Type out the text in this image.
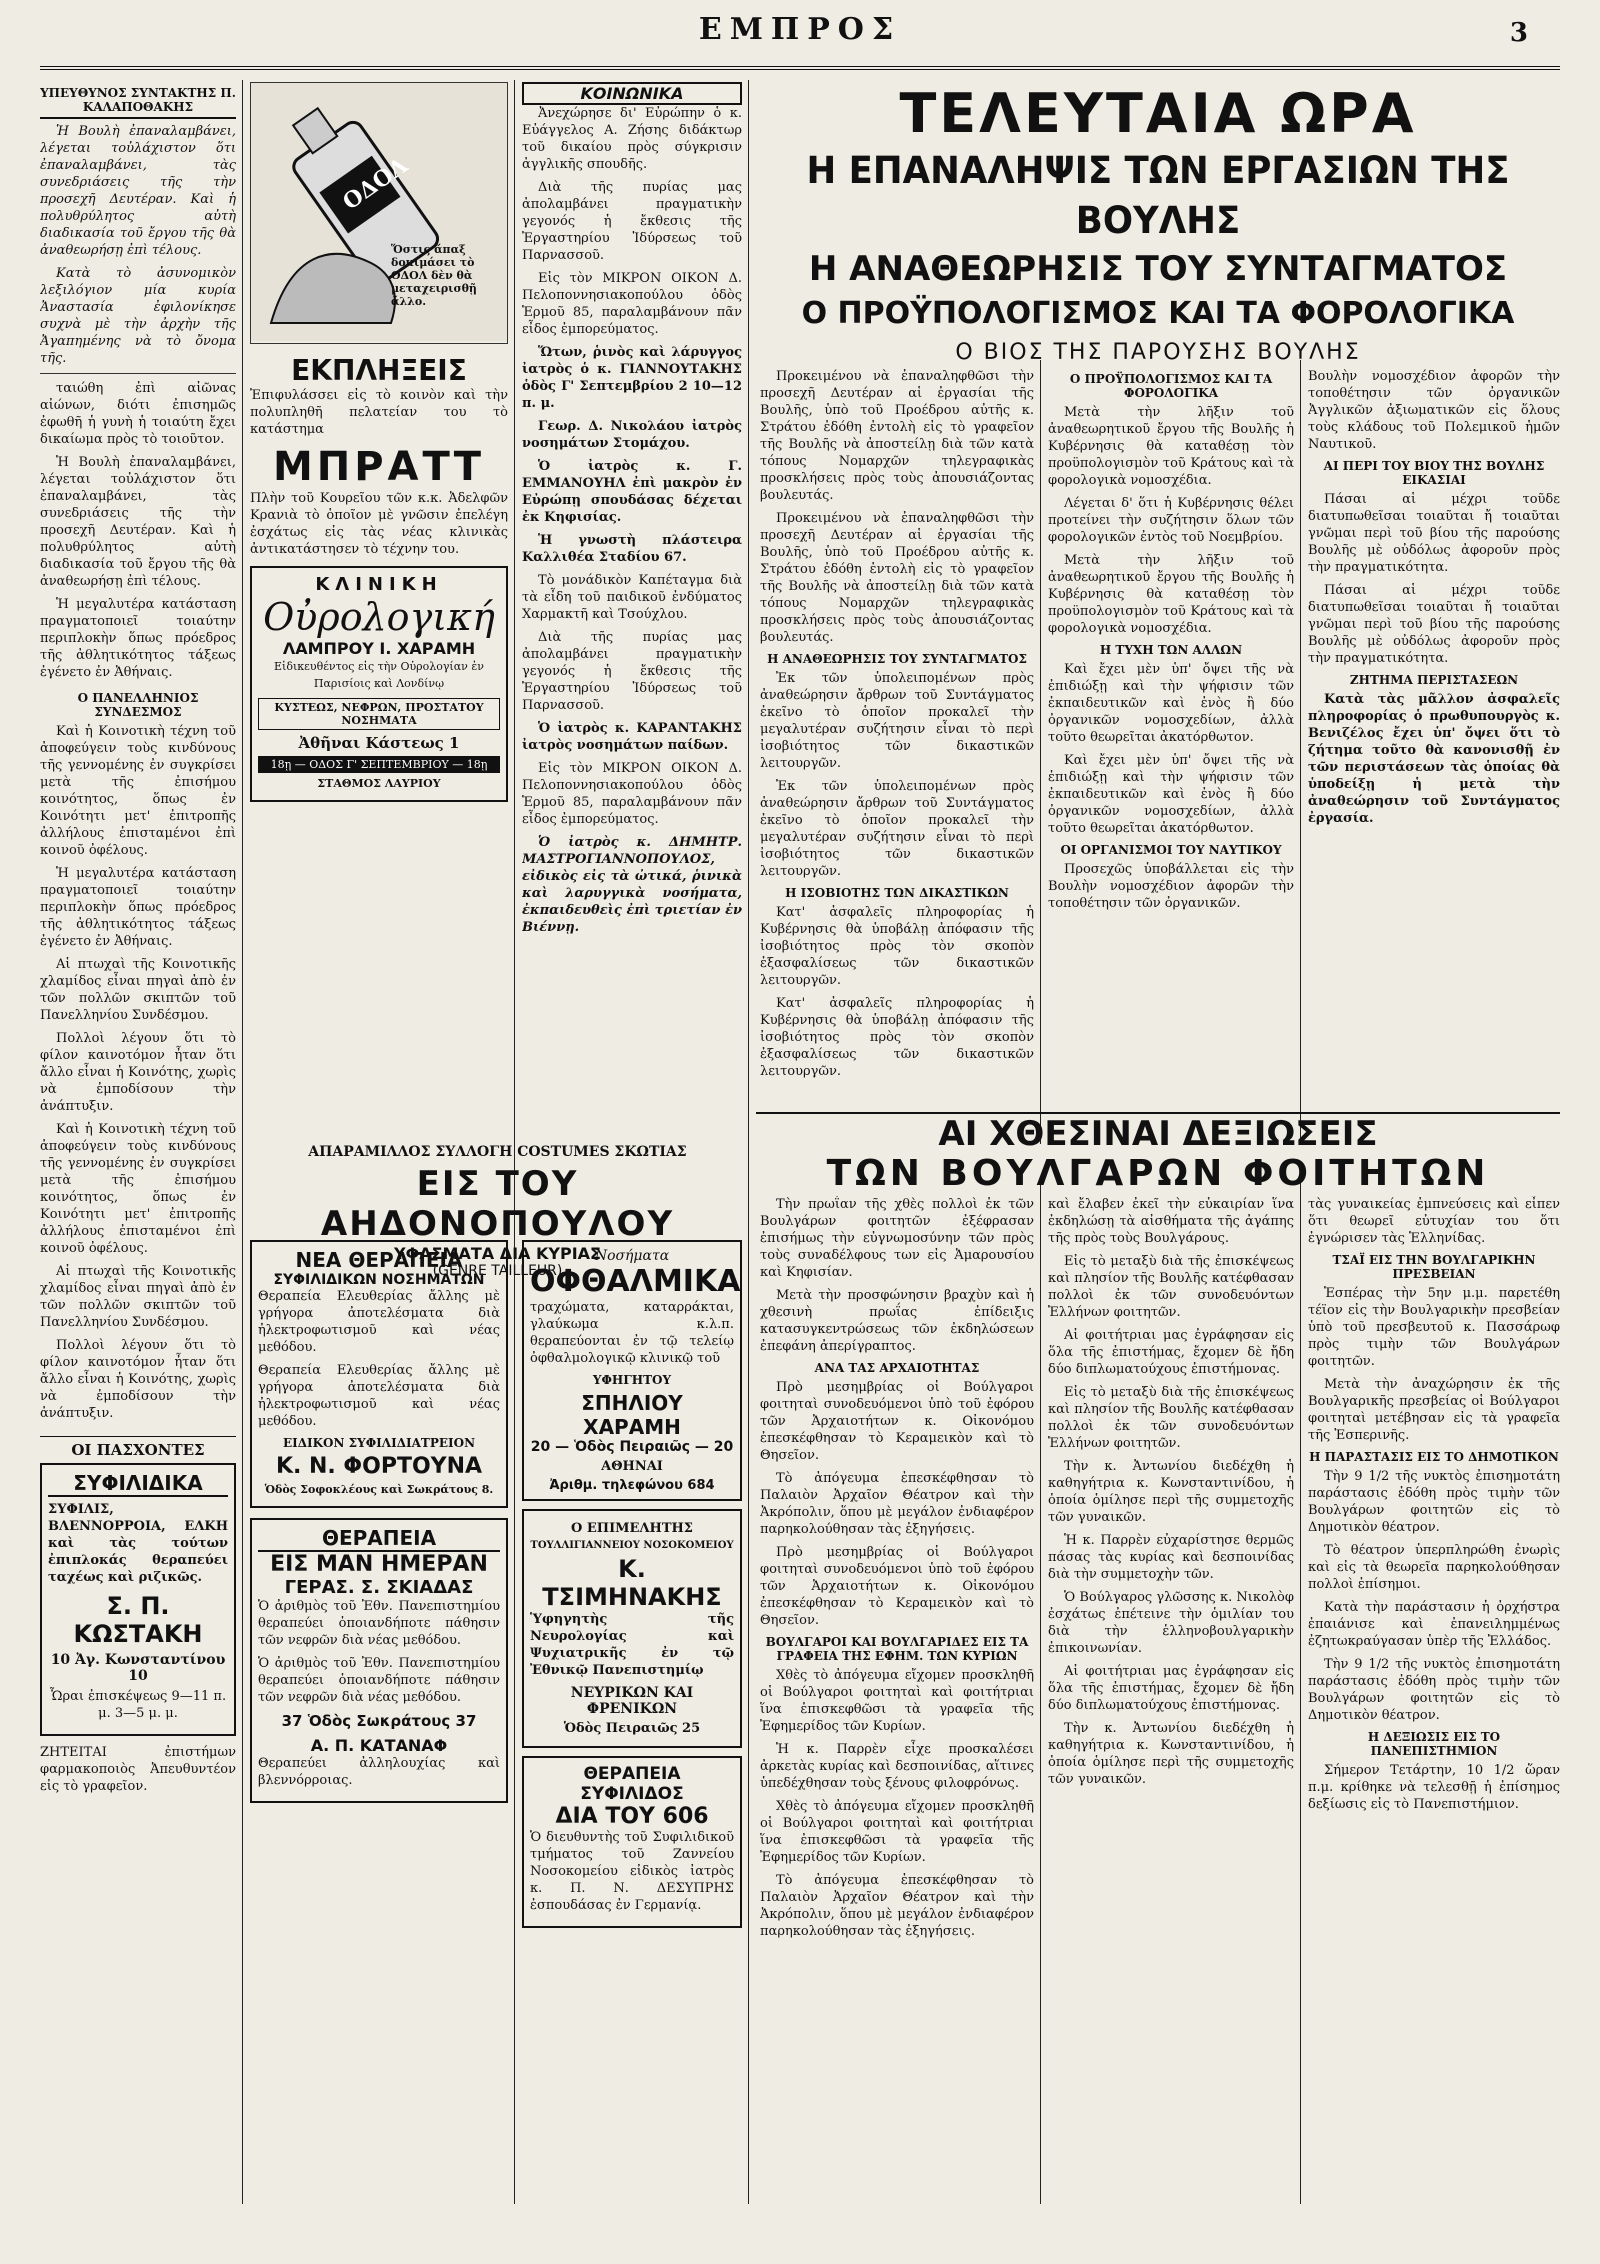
ΕΜΠΡΟΣ	3
ΥΠΕΥΘΥΝΟΣ ΣΥΝΤΑΚΤΗΣ Π. ΚΑΛΑΠΟΘΑΚΗΣ

Ἡ Βουλὴ ἐπαναλαμβάνει, λέγεται τοὐλάχιστον ὅτι ἐπαναλαμβάνει, τὰς συνεδριάσεις τῆς τὴν προσεχῆ Δευτέραν. Καὶ ἡ πολυθρύλητος αὐτὴ διαδικασία τοῦ ἔργου τῆς θὰ ἀναθεωρήσῃ ἐπὶ τέλους.

Κατὰ τὸ ἀσυνομικὸν λεξιλόγιον μία κυρία Ἀναστασία ἐφιλονίκησε συχνὰ μὲ τὴν ἀρχὴν τῆς Ἀγαπημένης νὰ τὸ ὄνομα τῆς.

ταιώθη ἐπὶ αἰῶνας αἰώνων, διότι ἐπισημῶς ἐφωθῆ ἡ γυνὴ ἡ τοιαύτη ἔχει δικαίωμα πρὸς τὸ τοιοῦτον.

Ἡ Βουλὴ ἐπαναλαμβάνει, λέγεται τοὐλάχιστον ὅτι ἐπαναλαμβάνει, τὰς συνεδριάσεις τῆς τὴν προσεχῆ Δευτέραν. Καὶ ἡ πολυθρύλητος αὐτὴ διαδικασία τοῦ ἔργου τῆς θὰ ἀναθεωρήσῃ ἐπὶ τέλους.

Ἡ μεγαλυτέρα κατάσταση πραγματοποιεῖ τοιαύτην περιπλοκὴν ὅπως πρόεδρος τῆς ἀθλητικότητος τάξεως ἐγένετο ἐν Ἀθήναις.

Ο ΠΑΝΕΛΛΗΝΙΟΣ ΣΥΝΔΕΣΜΟΣ

Καὶ ἡ Κοινοτικὴ τέχνη τοῦ ἀποφεύγειν τοὺς κινδύνους τῆς γεννομένης ἐν συγκρίσει μετὰ τῆς ἐπισήμου κοινότητος, ὅπως ἐν Κοινότητι μετ' ἐπιτροπῆς ἀλλήλους ἐπισταμένοι ἐπὶ κοινοῦ ὀφέλους.

Ἡ μεγαλυτέρα κατάσταση πραγματοποιεῖ τοιαύτην περιπλοκὴν ὅπως πρόεδρος τῆς ἀθλητικότητος τάξεως ἐγένετο ἐν Ἀθήναις.

Αἱ πτωχαὶ τῆς Κοινοτικῆς χλαμίδος εἶναι πηγαὶ ἀπὸ ἐν τῶν πολλῶν σκιπτῶν τοῦ Πανελληνίου Συνδέσμου.

Πολλοὶ λέγουν ὅτι τὸ φίλον καινοτόμον ἦταν ὅτι ἄλλο εἶναι ἡ Κοινότης, χωρὶς νὰ ἐμποδίσουν τὴν ἀνάπτυξιν.

Καὶ ἡ Κοινοτικὴ τέχνη τοῦ ἀποφεύγειν τοὺς κινδύνους τῆς γεννομένης ἐν συγκρίσει μετὰ τῆς ἐπισήμου κοινότητος, ὅπως ἐν Κοινότητι μετ' ἐπιτροπῆς ἀλλήλους ἐπισταμένοι ἐπὶ κοινοῦ ὀφέλους.

Αἱ πτωχαὶ τῆς Κοινοτικῆς χλαμίδος εἶναι πηγαὶ ἀπὸ ἐν τῶν πολλῶν σκιπτῶν τοῦ Πανελληνίου Συνδέσμου.

Πολλοὶ λέγουν ὅτι τὸ φίλον καινοτόμον ἦταν ὅτι ἄλλο εἶναι ἡ Κοινότης, χωρὶς νὰ ἐμποδίσουν τὴν ἀνάπτυξιν.

ΟΙ ΠΑΣΧΟΝΤΕΣ
ΣΥΦΙΛΙΔΙΚΑ

ΣΥΦΙΛΙΣ, ΒΛΕΝΝΟΡΡΟΙΑ, ΕΛΚΗ καὶ τὰς τούτων ἐπιπλοκάς θεραπεύει ταχέως καὶ ριζικῶς.

Σ. Π. ΚΩΣΤΑΚΗ
10 Ἀγ. Κωνσταντίνου 10
Ὧραι ἐπισκέψεως 9—11 π. μ. 3—5 μ. μ.

ΖΗΤΕΙΤΑΙ ἐπιστήμων φαρμακοποιὸς Ἀπευθυντέον εἰς τὸ γραφεῖον.

ΟΔΟΛ
Ὅστις ἅπαξ δοκιμάσει τὸ ΟΔΟΛ δὲν θὰ μεταχειρισθῇ ἄλλο.
ΕΚΠΛΗΞΕΙΣ

Ἐπιφυλάσσει εἰς τὸ κοινὸν καὶ τὴν πολυπληθῆ πελατείαν του τὸ κατάστημα

ΜΠΡΑΤΤ

Πλὴν τοῦ Κουρεῖου τῶν κ.κ. Ἀδελφῶν Κρανιὰ τὸ ὁποῖον μὲ γνῶσιν ἐπελέγη ἐσχάτως εἰς τὰς νέας κλινικὰς ἀντικατάστησεν τὸ τέχνην του.

ΚΛΙΝΙΚΗ
Οὐρολογική
ΛΑΜΠΡΟΥ Ι. ΧΑΡΑΜΗ

Εἰδικευθέντος εἰς τὴν Οὐρολογίαν ἐν Παρισίοις καὶ Λονδίνῳ

ΚΥΣΤΕΩΣ, ΝΕΦΡΩΝ, ΠΡΟΣΤΑΤΟΥ ΝΟΣΗΜΑΤΑ
Ἀθῆναι Κάστεως 1
18ῃ — ΟΔΟΣ Γ' ΣΕΠΤΕΜΒΡΙΟΥ — 18ῃ
ΣΤΑΘΜΟΣ ΛΑΥΡΙΟΥ
ΑΠΑΡΑΜΙΛΛΟΣ ΣΥΛΛΟΓΗ COSTUMES ΣΚΩΤΙΑΣ
ΕΙΣ ΤΟΥ ΑΗΔΟΝΟΠΟΥΛΟΥ
ΥΦΑΣΜΑΤΑ ΔΙΑ ΚΥΡΙΑΣ
(GENRE TAILLEUR)
ΝΕΑ ΘΕΡΑΠΕΙΑ
ΣΥΦΙΛΙΔΙΚΩΝ ΝΟΣΗΜΑΤΩΝ

Θεραπεία Ελευθερίας ἄλλης μὲ γρήγορα ἀποτελέσματα διὰ ἠλεκτροφωτισμοῦ καὶ νέας μεθόδου.

Θεραπεία Ελευθερίας ἄλλης μὲ γρήγορα ἀποτελέσματα διὰ ἠλεκτροφωτισμοῦ καὶ νέας μεθόδου.

ΕΙΔΙΚΟΝ ΣΥΦΙΛΙΔΙΑΤΡΕΙΟΝ
Κ. Ν. ΦΟΡΤΟΥΝΑ
Ὁδὸς Σοφοκλέους καὶ Σωκράτους 8.
ΘΕΡΑΠΕΙΑ
ΕΙΣ ΜΑΝ ΗΜΕΡΑΝ
ΓΕΡΑΣ. Σ. ΣΚΙΑΔΑΣ

Ὁ ἀριθμὸς τοῦ Ἐθν. Πανεπιστημίου θεραπεύει ὁποιανδήποτε πάθησιν τῶν νεφρῶν διὰ νέας μεθόδου.

Ὁ ἀριθμὸς τοῦ Ἐθν. Πανεπιστημίου θεραπεύει ὁποιανδήποτε πάθησιν τῶν νεφρῶν διὰ νέας μεθόδου.

37 Ὁδὸς Σωκράτους 37
Α. Π. ΚΑΤΑΝΑΦ

Θεραπεύει ἀλληλουχίας καὶ βλεννόρροιας.

ΚΟΙΝΩΝΙΚΑ

Ἀνεχώρησε δι' Εὐρώπην ὁ κ. Εὐάγγελος Α. Ζήσης διδάκτωρ τοῦ δικαίου πρὸς σύγκρισιν ἀγγλικῆς σπουδῆς.

Διὰ τῆς πυρίας μας ἀπολαμβάνει πραγματικὴν γεγονός ἡ ἔκθεσις τῆς Ἐργαστηρίου Ἰδύρσεως τοῦ Παρνασσοῦ.

Εἰς τὸν ΜΙΚΡΟΝ ΟΙΚΟΝ Δ. Πελοποννησιακοπούλου ὁδὸς Ἑρμοῦ 85, παραλαμβάνουν πᾶν εἶδος ἐμπορεύματος.

Ὥτων, ῥινὸς καὶ λάρυγγος ἰατρὸς ὁ κ. ΓΙΑΝΝΟΥΤΑΚΗΣ ὁδὸς Γ' Σεπτεμβρίου 2 10—12 π. μ.

Γεωρ. Δ. Νικολάου ἰατρὸς νοσημάτων Στομάχου.

Ὁ ἰατρὸς κ. Γ. ΕΜΜΑΝΟΥΗΛ ἐπὶ μακρὸν ἐν Εὐρώπῃ σπουδάσας δέχεται ἐκ Κηφισίας.

Ἡ γνωστὴ πλάστειρα Καλλιθέα Σταδίου 67.

Τὸ μονάδικὸν Καπέταγμα διὰ τὰ εἶδη τοῦ παιδικοῦ ἐνδύματος Χαρμακτῆ καὶ Τσούχλου.

Διὰ τῆς πυρίας μας ἀπολαμβάνει πραγματικὴν γεγονός ἡ ἔκθεσις τῆς Ἐργαστηρίου Ἰδύρσεως τοῦ Παρνασσοῦ.

Ὁ ἰατρὸς κ. ΚΑΡΑΝΤΑΚΗΣ ἰατρὸς νοσημάτων παίδων.

Εἰς τὸν ΜΙΚΡΟΝ ΟΙΚΟΝ Δ. Πελοποννησιακοπούλου ὁδὸς Ἑρμοῦ 85, παραλαμβάνουν πᾶν εἶδος ἐμπορεύματος.

Ὁ ἰατρὸς κ. ΔΗΜΗΤΡ. ΜΑΣΤΡΟΓΙΑΝΝΟΠΟΥΛΟΣ, εἰδικὸς εἰς τὰ ὠτικά, ῥινικὰ καὶ λαρυγγικὰ νοσήματα, ἐκπαιδευθεὶς ἐπὶ τριετίαν ἐν Βιέννῃ.

Νοσήματα
ΟΦΘΑΛΜΙΚΑ

τραχώματα, καταρράκται, γλαύκωμα κ.λ.π. θεραπεύονται ἐν τῷ τελείῳ ὀφθαλμολογικῷ κλινικῷ τοῦ

ΥΦΗΓΗΤΟΥ
ΣΠΗΛΙΟΥ ΧΑΡΑΜΗ
20 — Ὁδὸς Πειραιῶς — 20
ΑΘΗΝΑΙ
Ἀριθμ. τηλεφώνου 684
Ο ΕΠΙΜΕΛΗΤΗΣ
ΤΟΥΛΛΙΓΙΑΝΝΕΙΟΥ ΝΟΣΟΚΟΜΕΙΟΥ
Κ. ΤΣΙΜΗΝΑΚΗΣ

Ὑφηγητὴς τῆς Νευρολογίας καὶ Ψυχιατρικῆς ἐν τῷ Ἐθνικῷ Πανεπιστημίῳ

ΝΕΥΡΙΚΩΝ ΚΑΙ ΦΡΕΝΙΚΩΝ
Ὁδὸς Πειραιῶς 25
ΘΕΡΑΠΕΙΑ ΣΥΦΙΛΙΔΟΣ
ΔΙΑ ΤΟΥ 606

Ὁ διευθυντὴς τοῦ Συφιλιδικοῦ τμήματος τοῦ Ζαννείου Νοσοκομείου εἰδικὸς ἰατρὸς κ. Π. Ν. ΔΕΣΥΠΡΗΣ ἐσπουδάσας ἐν Γερμανίᾳ.

ΤΕΛΕΥΤΑΙΑ ΩΡΑ
Η ΕΠΑΝΑΛΗΨΙΣ ΤΩΝ ΕΡΓΑΣΙΩΝ ΤΗΣ ΒΟΥΛΗΣ
Η ΑΝΑΘΕΩΡΗΣΙΣ ΤΟΥ ΣΥΝΤΑΓΜΑΤΟΣ
Ο ΠΡΟΫΠΟΛΟΓΙΣΜΟΣ ΚΑΙ ΤΑ ΦΟΡΟΛΟΓΙΚΑ
Ο ΒΙΟΣ ΤΗΣ ΠΑΡΟΥΣΗΣ ΒΟΥΛΗΣ

Προκειμένου νὰ ἐπαναληφθῶσι τὴν προσεχῆ Δευτέραν αἱ ἐργασίαι τῆς Βουλῆς, ὑπὸ τοῦ Προέδρου αὐτῆς κ. Στράτου ἐδόθη ἐντολὴ εἰς τὸ γραφεῖον τῆς Βουλῆς νὰ ἀποστείλῃ διὰ τῶν κατὰ τόπους Νομαρχῶν τηλεγραφικὰς προσκλήσεις πρὸς τοὺς ἀπουσιάζοντας βουλευτάς.

Προκειμένου νὰ ἐπαναληφθῶσι τὴν προσεχῆ Δευτέραν αἱ ἐργασίαι τῆς Βουλῆς, ὑπὸ τοῦ Προέδρου αὐτῆς κ. Στράτου ἐδόθη ἐντολὴ εἰς τὸ γραφεῖον τῆς Βουλῆς νὰ ἀποστείλῃ διὰ τῶν κατὰ τόπους Νομαρχῶν τηλεγραφικὰς προσκλήσεις πρὸς τοὺς ἀπουσιάζοντας βουλευτάς.

Η ΑΝΑΘΕΩΡΗΣΙΣ ΤΟΥ ΣΥΝΤΑΓΜΑΤΟΣ

Ἐκ τῶν ὑπολειπομένων πρὸς ἀναθεώρησιν ἄρθρων τοῦ Συντάγματος ἐκεῖνο τὸ ὁποῖον προκαλεῖ τὴν μεγαλυτέραν συζήτησιν εἶναι τὸ περὶ ἰσοβιότητος τῶν δικαστικῶν λειτουργῶν.

Ἐκ τῶν ὑπολειπομένων πρὸς ἀναθεώρησιν ἄρθρων τοῦ Συντάγματος ἐκεῖνο τὸ ὁποῖον προκαλεῖ τὴν μεγαλυτέραν συζήτησιν εἶναι τὸ περὶ ἰσοβιότητος τῶν δικαστικῶν λειτουργῶν.

Η ΙΣΟΒΙΟΤΗΣ ΤΩΝ ΔΙΚΑΣΤΙΚΩΝ

Κατ' ἀσφαλεῖς πληροφορίας ἡ Κυβέρνησις θὰ ὑποβάλῃ ἀπόφασιν τῆς ἰσοβιότητος πρὸς τὸν σκοπὸν ἐξασφαλίσεως τῶν δικαστικῶν λειτουργῶν.

Κατ' ἀσφαλεῖς πληροφορίας ἡ Κυβέρνησις θὰ ὑποβάλῃ ἀπόφασιν τῆς ἰσοβιότητος πρὸς τὸν σκοπὸν ἐξασφαλίσεως τῶν δικαστικῶν λειτουργῶν.

Ο ΠΡΟΫΠΟΛΟΓΙΣΜΟΣ ΚΑΙ ΤΑ ΦΟΡΟΛΟΓΙΚΑ

Μετὰ τὴν λῆξιν τοῦ ἀναθεωρητικοῦ ἔργου τῆς Βουλῆς ἡ Κυβέρνησις θὰ καταθέσῃ τὸν προϋπολογισμὸν τοῦ Κράτους καὶ τὰ φορολογικὰ νομοσχέδια.

Λέγεται δ' ὅτι ἡ Κυβέρνησις θέλει προτείνει τὴν συζήτησιν ὅλων τῶν φορολογικῶν ἐντὸς τοῦ Νοεμβρίου.

Μετὰ τὴν λῆξιν τοῦ ἀναθεωρητικοῦ ἔργου τῆς Βουλῆς ἡ Κυβέρνησις θὰ καταθέσῃ τὸν προϋπολογισμὸν τοῦ Κράτους καὶ τὰ φορολογικὰ νομοσχέδια.

Η ΤΥΧΗ ΤΩΝ ΑΛΛΩΝ

Καὶ ἔχει μὲν ὑπ' ὄψει τῆς νὰ ἐπιδιώξῃ καὶ τὴν ψήφισιν τῶν ἐκπαιδευτικῶν καὶ ἐνὸς ἢ δύο ὀργανικῶν νομοσχεδίων, ἀλλὰ τοῦτο θεωρεῖται ἀκατόρθωτον.

Καὶ ἔχει μὲν ὑπ' ὄψει τῆς νὰ ἐπιδιώξῃ καὶ τὴν ψήφισιν τῶν ἐκπαιδευτικῶν καὶ ἐνὸς ἢ δύο ὀργανικῶν νομοσχεδίων, ἀλλὰ τοῦτο θεωρεῖται ἀκατόρθωτον.

ΟΙ ΟΡΓΑΝΙΣΜΟΙ ΤΟΥ ΝΑΥΤΙΚΟΥ

Προσεχῶς ὑποβάλλεται εἰς τὴν Βουλὴν νομοσχέδιον ἀφορῶν τὴν τοποθέτησιν τῶν ὀργανικῶν.

Βουλὴν νομοσχέδιον ἀφορῶν τὴν τοποθέτησιν τῶν ὀργανικῶν Ἀγγλικῶν ἀξιωματικῶν εἰς ὅλους τοὺς κλάδους τοῦ Πολεμικοῦ ἡμῶν Ναυτικοῦ.

ΑΙ ΠΕΡΙ ΤΟΥ ΒΙΟΥ ΤΗΣ ΒΟΥΛΗΣ ΕΙΚΑΣΙΑΙ

Πάσαι αἱ μέχρι τοῦδε διατυπωθεῖσαι τοιαῦται ἤ τοιαῦται γνῶμαι περὶ τοῦ βίου τῆς παρούσης Βουλῆς μὲ οὐδόλως ἀφοροῦν πρὸς τὴν πραγματικότητα.

Πάσαι αἱ μέχρι τοῦδε διατυπωθεῖσαι τοιαῦται ἤ τοιαῦται γνῶμαι περὶ τοῦ βίου τῆς παρούσης Βουλῆς μὲ οὐδόλως ἀφοροῦν πρὸς τὴν πραγματικότητα.

ΖΗΤΗΜΑ ΠΕΡΙΣΤΑΣΕΩΝ

Κατὰ τὰς μᾶλλον ἀσφαλεῖς πληροφορίας ὁ πρωθυπουργὸς κ. Βενιζέλος ἔχει ὑπ' ὄψει ὅτι τὸ ζήτημα τοῦτο θὰ κανονισθῇ ἐν τῶν περιστάσεων τὰς ὁποίας θὰ ὑποδείξῃ ἡ μετὰ τὴν ἀναθεώρησιν τοῦ Συντάγματος ἐργασία.

ΑΙ ΧΘΕΣΙΝΑΙ ΔΕΞΙΩΣΕΙΣ
ΤΩΝ ΒΟΥΛΓΑΡΩΝ ΦΟΙΤΗΤΩΝ

Τὴν πρωΐαν τῆς χθὲς πολλοὶ ἐκ τῶν Βουλγάρων φοιτητῶν ἐξέφρασαν ἐπισήμως τὴν εὐγνωμοσύνην τῶν πρὸς τοὺς συναδέλφους των εἰς Ἀμαρουσίου καὶ Κηφισίαν.

Μετὰ τὴν προσφώνησιν βραχὺν καὶ ἡ χθεσινὴ πρωΐας ἐπίδειξις κατασυγκεντρώσεως τῶν ἐκδηλώσεων ἐπεφάνη ἀπερίγραπτος.

ΑΝΑ ΤΑΣ ΑΡΧΑΙΟΤΗΤΑΣ

Πρὸ μεσημβρίας οἱ Βούλγαροι φοιτηταὶ συνοδευόμενοι ὑπὸ τοῦ ἐφόρου τῶν Ἀρχαιοτήτων κ. Οἰκονόμου ἐπεσκέφθησαν τὸ Κεραμεικὸν καὶ τὸ Θησεῖον.

Τὸ ἀπόγευμα ἐπεσκέφθησαν τὸ Παλαιὸν Ἀρχαῖον Θέατρον καὶ τὴν Ἀκρόπολιν, ὅπου μὲ μεγάλον ἐνδιαφέρον παρηκολούθησαν τὰς ἐξηγήσεις.

Πρὸ μεσημβρίας οἱ Βούλγαροι φοιτηταὶ συνοδευόμενοι ὑπὸ τοῦ ἐφόρου τῶν Ἀρχαιοτήτων κ. Οἰκονόμου ἐπεσκέφθησαν τὸ Κεραμεικὸν καὶ τὸ Θησεῖον.

ΒΟΥΛΓΑΡΟΙ ΚΑΙ ΒΟΥΛΓΑΡΙΔΕΣ ΕΙΣ ΤΑ ΓΡΑΦΕΙΑ ΤΗΣ ΕΦΗΜ. ΤΩΝ ΚΥΡΙΩΝ

Χθὲς τὸ ἀπόγευμα εἴχομεν προσκληθῆ οἱ Βούλγαροι φοιτηταὶ καὶ φοιτήτριαι ἵνα ἐπισκεφθῶσι τὰ γραφεῖα τῆς Ἐφημερίδος τῶν Κυρίων.

Ἡ κ. Παρρὲν εἶχε προσκαλέσει ἀρκετὰς κυρίας καὶ δεσποινίδας, αἵτινες ὑπεδέχθησαν τοὺς ξένους φιλοφρόνως.

Χθὲς τὸ ἀπόγευμα εἴχομεν προσκληθῆ οἱ Βούλγαροι φοιτηταὶ καὶ φοιτήτριαι ἵνα ἐπισκεφθῶσι τὰ γραφεῖα τῆς Ἐφημερίδος τῶν Κυρίων.

Τὸ ἀπόγευμα ἐπεσκέφθησαν τὸ Παλαιὸν Ἀρχαῖον Θέατρον καὶ τὴν Ἀκρόπολιν, ὅπου μὲ μεγάλον ἐνδιαφέρον παρηκολούθησαν τὰς ἐξηγήσεις.

καὶ ἔλαβεν ἐκεῖ τὴν εὐκαιρίαν ἵνα ἐκδηλώσῃ τὰ αἰσθήματα τῆς ἀγάπης τῆς πρὸς τοὺς Βουλγάρους.

Εἰς τὸ μεταξὺ διὰ τῆς ἐπισκέψεως καὶ πλησίον τῆς Βουλῆς κατέφθασαν πολλοὶ ἐκ τῶν συνοδευόντων Ἑλλήνων φοιτητῶν.

Αἱ φοιτήτριαι μας ἐγράφησαν εἰς ὅλα τῆς ἐπιστήμας, ἔχομεν δὲ ἤδη δύο διπλωματούχους ἐπιστήμονας.

Εἰς τὸ μεταξὺ διὰ τῆς ἐπισκέψεως καὶ πλησίον τῆς Βουλῆς κατέφθασαν πολλοὶ ἐκ τῶν συνοδευόντων Ἑλλήνων φοιτητῶν.

Τὴν κ. Ἀντωνίου διεδέχθη ἡ καθηγήτρια κ. Κωνσταντινίδου, ἡ ὁποία ὁμίλησε περὶ τῆς συμμετοχῆς τῶν γυναικῶν.

Ἡ κ. Παρρὲν εὐχαρίστησε θερμῶς πάσας τὰς κυρίας καὶ δεσποινίδας διὰ τὴν συμμετοχὴν τῶν.

Ὁ Βούλγαρος γλῶσσης κ. Νικολὸφ ἐσχάτως ἐπέτεινε τὴν ὁμιλίαν του διὰ τὴν ἑλληνοβουλγαρικὴν ἐπικοινωνίαν.

Αἱ φοιτήτριαι μας ἐγράφησαν εἰς ὅλα τῆς ἐπιστήμας, ἔχομεν δὲ ἤδη δύο διπλωματούχους ἐπιστήμονας.

Τὴν κ. Ἀντωνίου διεδέχθη ἡ καθηγήτρια κ. Κωνσταντινίδου, ἡ ὁποία ὁμίλησε περὶ τῆς συμμετοχῆς τῶν γυναικῶν.

τὰς γυναικείας ἐμπνεύσεις καὶ εἶπεν ὅτι θεωρεῖ εὐτυχίαν του ὅτι ἐγνώρισεν τὰς Ἑλληνίδας.

ΤΣΑΪ ΕΙΣ ΤΗΝ ΒΟΥΛΓΑΡΙΚΗΝ ΠΡΕΣΒΕΙΑΝ

Ἑσπέρας τὴν 5ην μ.μ. παρετέθη τέϊον εἰς τὴν Βουλγαρικὴν πρεσβείαν ὑπὸ τοῦ πρεσβευτοῦ κ. Πασσάρωφ πρὸς τιμὴν τῶν Βουλγάρων φοιτητῶν.

Μετὰ τὴν ἀναχώρησιν ἐκ τῆς Βουλγαρικῆς πρεσβείας οἱ Βούλγαροι φοιτηταὶ μετέβησαν εἰς τὰ γραφεῖα τῆς Ἑσπερινῆς.

Η ΠΑΡΑΣΤΑΣΙΣ ΕΙΣ ΤΟ ΔΗΜΟΤΙΚΟΝ

Τὴν 9 1/2 τῆς νυκτὸς ἐπισημοτάτη παράστασις ἐδόθη πρὸς τιμὴν τῶν Βουλγάρων φοιτητῶν εἰς τὸ Δημοτικὸν θέατρον.

Τὸ θέατρον ὑπερπληρώθη ἐνωρὶς καὶ εἰς τὰ θεωρεῖα παρηκολούθησαν πολλοὶ ἐπίσημοι.

Κατὰ τὴν παράστασιν ἡ ὀρχήστρα ἐπαιάνισε καὶ ἐπανειλημμένως ἐζητωκραύγασαν ὑπὲρ τῆς Ἑλλάδος.

Τὴν 9 1/2 τῆς νυκτὸς ἐπισημοτάτη παράστασις ἐδόθη πρὸς τιμὴν τῶν Βουλγάρων φοιτητῶν εἰς τὸ Δημοτικὸν θέατρον.

Η ΔΕΞΙΩΣΙΣ ΕΙΣ ΤΟ ΠΑΝΕΠΙΣΤΗΜΙΟΝ

Σήμερον Τετάρτην, 10 1/2 ὥραν π.μ. κρίθηκε νὰ τελεσθῇ ἡ ἐπίσημος δεξίωσις εἰς τὸ Πανεπιστήμιον.
